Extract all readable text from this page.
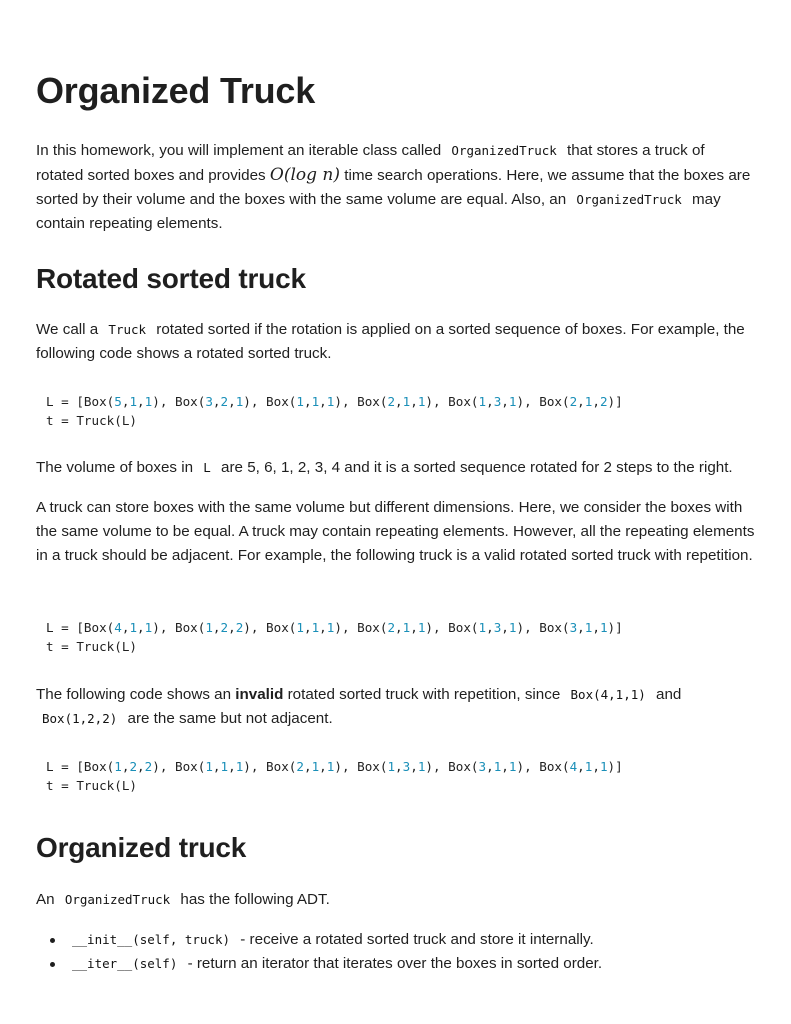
Organized Truck

In this homework, you will implement an iterable class called OrganizedTruck that stores a truck of rotated sorted boxes and provides O(log n) time search operations. Here, we assume that the boxes are sorted by their volume and the boxes with the same volume are equal. Also, an OrganizedTruck may contain repeating elements.

Rotated sorted truck

We call a Truck rotated sorted if the rotation is applied on a sorted sequence of boxes. For example, the following code shows a rotated sorted truck.

L = [Box(5,1,1), Box(3,2,1), Box(1,1,1), Box(2,1,1), Box(1,3,1), Box(2,1,2)]
t = Truck(L)

The volume of boxes in L are 5, 6, 1, 2, 3, 4 and it is a sorted sequence rotated for 2 steps to the right.

A truck can store boxes with the same volume but different dimensions. Here, we consider the boxes with the same volume to be equal. A truck may contain repeating elements. However, all the repeating elements in a truck should be adjacent. For example, the following truck is a valid rotated sorted truck with repetition.

L = [Box(4,1,1), Box(1,2,2), Box(1,1,1), Box(2,1,1), Box(1,3,1), Box(3,1,1)]
t = Truck(L)

The following code shows an invalid rotated sorted truck with repetition, since Box(4,1,1) and Box(1,2,2) are the same but not adjacent.

L = [Box(1,2,2), Box(1,1,1), Box(2,1,1), Box(1,3,1), Box(3,1,1), Box(4,1,1)]
t = Truck(L)
Organized truck

An OrganizedTruck has the following ADT.

__init__(self, truck) - receive a rotated sorted truck and store it internally.
__iter__(self) - return an iterator that iterates over the boxes in sorted order.
